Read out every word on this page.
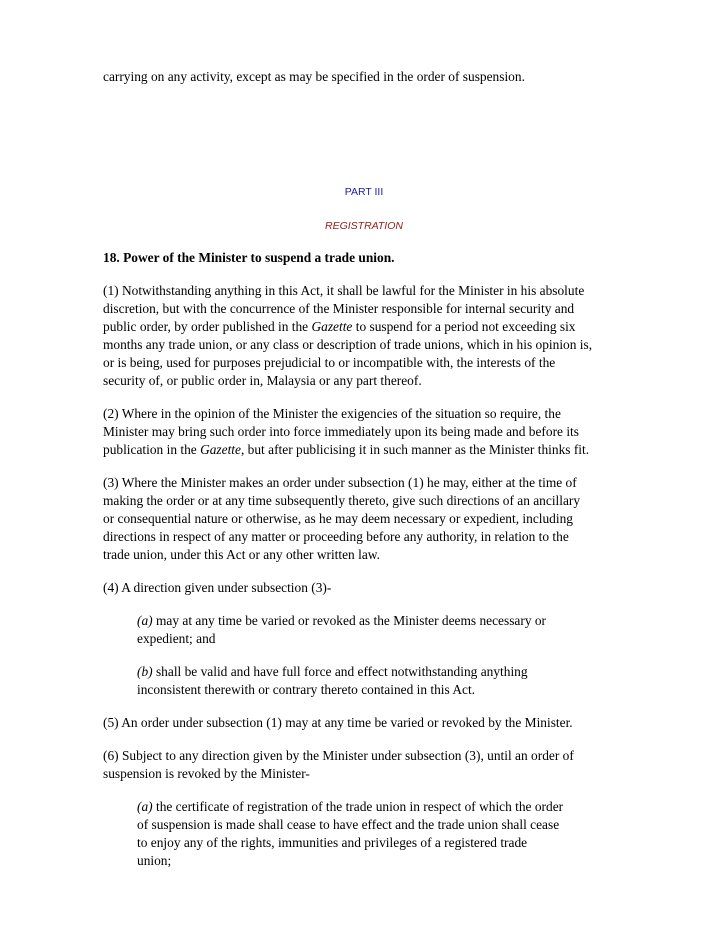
carrying on any activity, except as may be specified in the order of suspension.
PART III
REGISTRATION
18. Power of the Minister to suspend a trade union.
(1) Notwithstanding anything in this Act, it shall be lawful for the Minister in his absolute
discretion, but with the concurrence of the Minister responsible for internal security and
public order, by order published in the Gazette to suspend for a period not exceeding six
months any trade union, or any class or description of trade unions, which in his opinion is,
or is being, used for purposes prejudicial to or incompatible with, the interests of the
security of, or public order in, Malaysia or any part thereof.
(2) Where in the opinion of the Minister the exigencies of the situation so require, the
Minister may bring such order into force immediately upon its being made and before its
publication in the Gazette, but after publicising it in such manner as the Minister thinks fit.
(3) Where the Minister makes an order under subsection (1) he may, either at the time of
making the order or at any time subsequently thereto, give such directions of an ancillary
or consequential nature or otherwise, as he may deem necessary or expedient, including
directions in respect of any matter or proceeding before any authority, in relation to the
trade union, under this Act or any other written law.
(4) A direction given under subsection (3)-
(a) may at any time be varied or revoked as the Minister deems necessary or
expedient; and
(b) shall be valid and have full force and effect notwithstanding anything
inconsistent therewith or contrary thereto contained in this Act.
(5) An order under subsection (1) may at any time be varied or revoked by the Minister.
(6) Subject to any direction given by the Minister under subsection (3), until an order of
suspension is revoked by the Minister-
(a) the certificate of registration of the trade union in respect of which the order
of suspension is made shall cease to have effect and the trade union shall cease
to enjoy any of the rights, immunities and privileges of a registered trade
union;
